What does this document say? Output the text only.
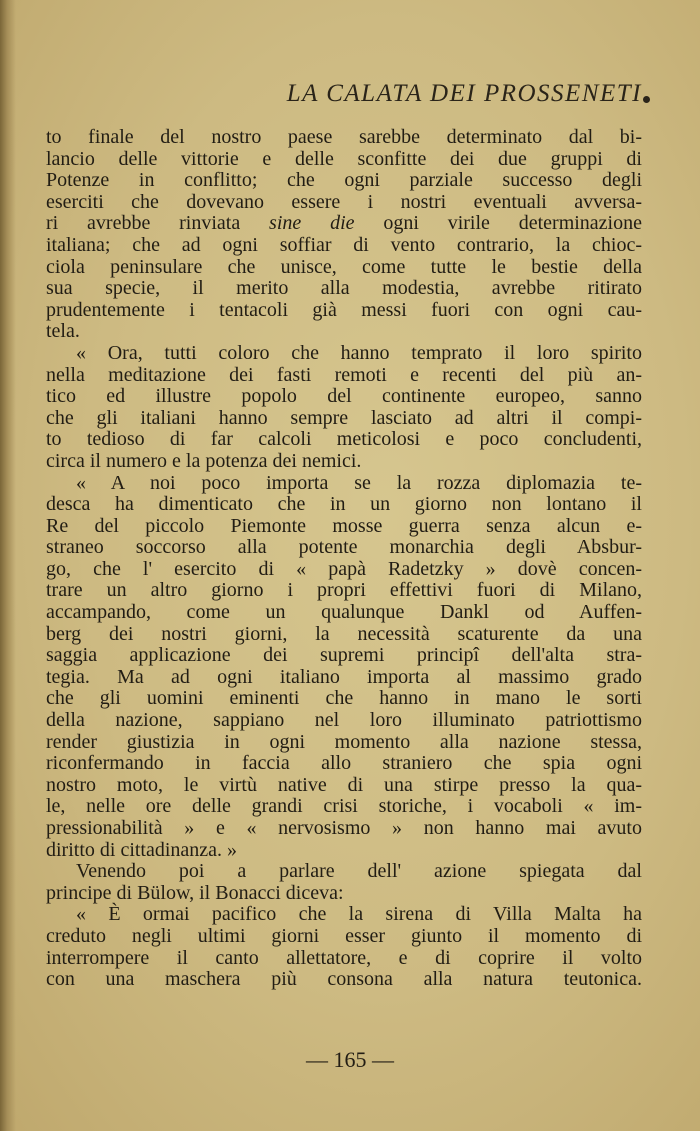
LA CALATA DEI PROSSENETI
to finale del nostro paese sarebbe determinato dal bi-
lancio delle vittorie e delle sconfitte dei due gruppi di
Potenze in conflitto; che ogni parziale successo degli
eserciti che dovevano essere i nostri eventuali avversa-
ri avrebbe rinviata sine die ogni virile determinazione
italiana; che ad ogni soffiar di vento contrario, la chioc-
ciola peninsulare che unisce, come tutte le bestie della
sua specie, il merito alla modestia, avrebbe ritirato
prudentemente i tentacoli già messi fuori con ogni cau-
tela.
« Ora, tutti coloro che hanno temprato il loro spirito
nella meditazione dei fasti remoti e recenti del più an-
tico ed illustre popolo del continente europeo, sanno
che gli italiani hanno sempre lasciato ad altri il compi-
to tedioso di far calcoli meticolosi e poco concludenti,
circa il numero e la potenza dei nemici.
« A noi poco importa se la rozza diplomazia te-
desca ha dimenticato che in un giorno non lontano il
Re del piccolo Piemonte mosse guerra senza alcun e-
straneo soccorso alla potente monarchia degli Absbur-
go, che l' esercito di « papà Radetzky » dovè concen-
trare un altro giorno i propri effettivi fuori di Milano,
accampando, come un qualunque Dankl od Auffen-
berg dei nostri giorni, la necessità scaturente da una
saggia applicazione dei supremi principî dell'alta stra-
tegia. Ma ad ogni italiano importa al massimo grado
che gli uomini eminenti che hanno in mano le sorti
della nazione, sappiano nel loro illuminato patriottismo
render giustizia in ogni momento alla nazione stessa,
riconfermando in faccia allo straniero che spia ogni
nostro moto, le virtù native di una stirpe presso la qua-
le, nelle ore delle grandi crisi storiche, i vocaboli « im-
pressionabilità » e « nervosismo » non hanno mai avuto
diritto di cittadinanza. »
Venendo poi a parlare dell' azione spiegata dal
principe di Bülow, il Bonacci diceva:
« È ormai pacifico che la sirena di Villa Malta ha
creduto negli ultimi giorni esser giunto il momento di
interrompere il canto allettatore, e di coprire il volto
con una maschera più consona alla natura teutonica.
— 165 —
